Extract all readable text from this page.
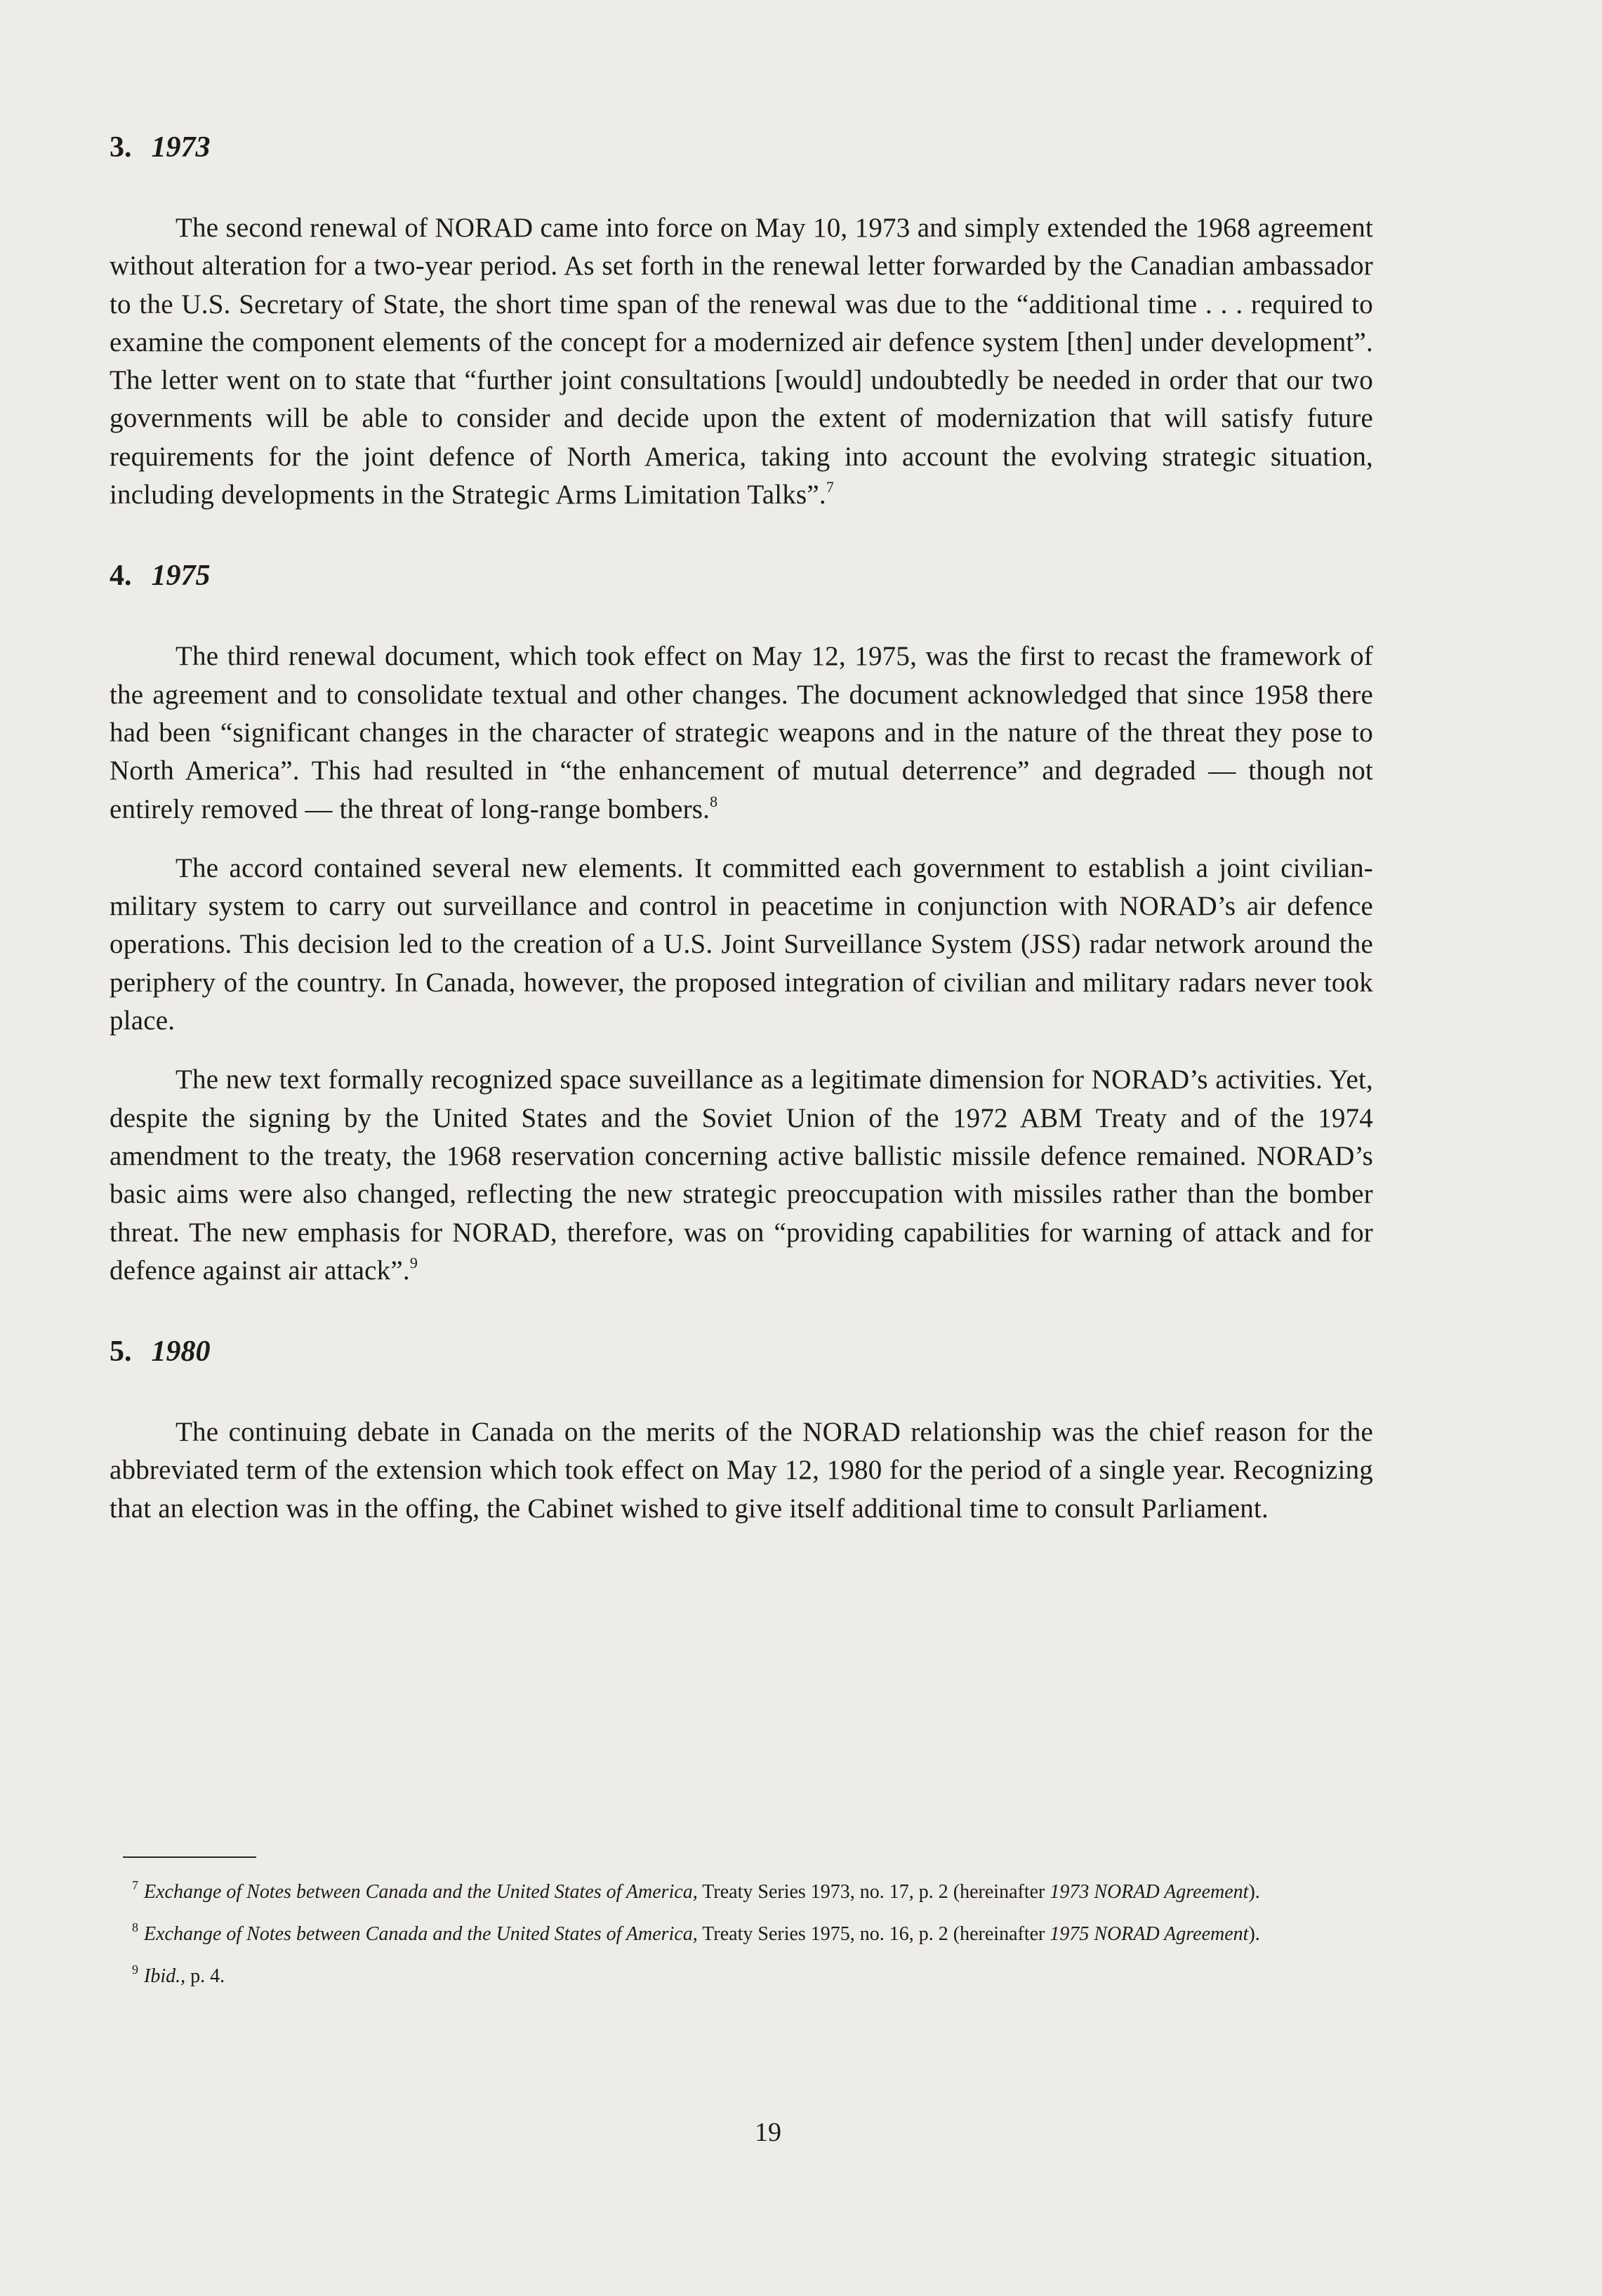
3. 1973

The second renewal of NORAD came into force on May 10, 1973 and simply extended the 1968 agreement without alteration for a two-year period. As set forth in the renewal letter forwarded by the Canadian ambassador to the U.S. Secretary of State, the short time span of the renewal was due to the “additional time . . . required to examine the component elements of the concept for a modernized air defence system [then] under development”. The letter went on to state that “further joint consultations [would] undoubtedly be needed in order that our two governments will be able to consider and decide upon the extent of modernization that will satisfy future requirements for the joint defence of North America, taking into account the evolving strategic situation, including developments in the Strategic Arms Limitation Talks”.$^7$

4. 1975

The third renewal document, which took effect on May 12, 1975, was the first to recast the framework of the agreement and to consolidate textual and other changes. The document acknowledged that since 1958 there had been “significant changes in the character of strategic weapons and in the nature of the threat they pose to North America”. This had resulted in “the enhancement of mutual deterrence” and degraded — though not entirely removed — the threat of long-range bombers.$^8$

The accord contained several new elements. It committed each government to establish a joint civilian-military system to carry out surveillance and control in peacetime in conjunction with NORAD’s air defence operations. This decision led to the creation of a U.S. Joint Surveillance System (JSS) radar network around the periphery of the country. In Canada, however, the proposed integration of civilian and military radars never took place.

The new text formally recognized space suveillance as a legitimate dimension for NORAD’s activities. Yet, despite the signing by the United States and the Soviet Union of the 1972 ABM Treaty and of the 1974 amendment to the treaty, the 1968 reservation concerning active ballistic missile defence remained. NORAD’s basic aims were also changed, reflecting the new strategic preoccupation with missiles rather than the bomber threat. The new emphasis for NORAD, therefore, was on “providing capabilities for warning of attack and for defence against air attack”.$^9$

5. 1980

The continuing debate in Canada on the merits of the NORAD relationship was the chief reason for the abbreviated term of the extension which took effect on May 12, 1980 for the period of a single year. Recognizing that an election was in the offing, the Cabinet wished to give itself additional time to consult Parliament.

$^7$ Exchange of Notes between Canada and the United States of America, Treaty Series 1973, no. 17, p. 2 (hereinafter 1973 NORAD Agreement).

$^8$ Exchange of Notes between Canada and the United States of America, Treaty Series 1975, no. 16, p. 2 (hereinafter 1975 NORAD Agreement).

$^9$ Ibid., p. 4.

19
